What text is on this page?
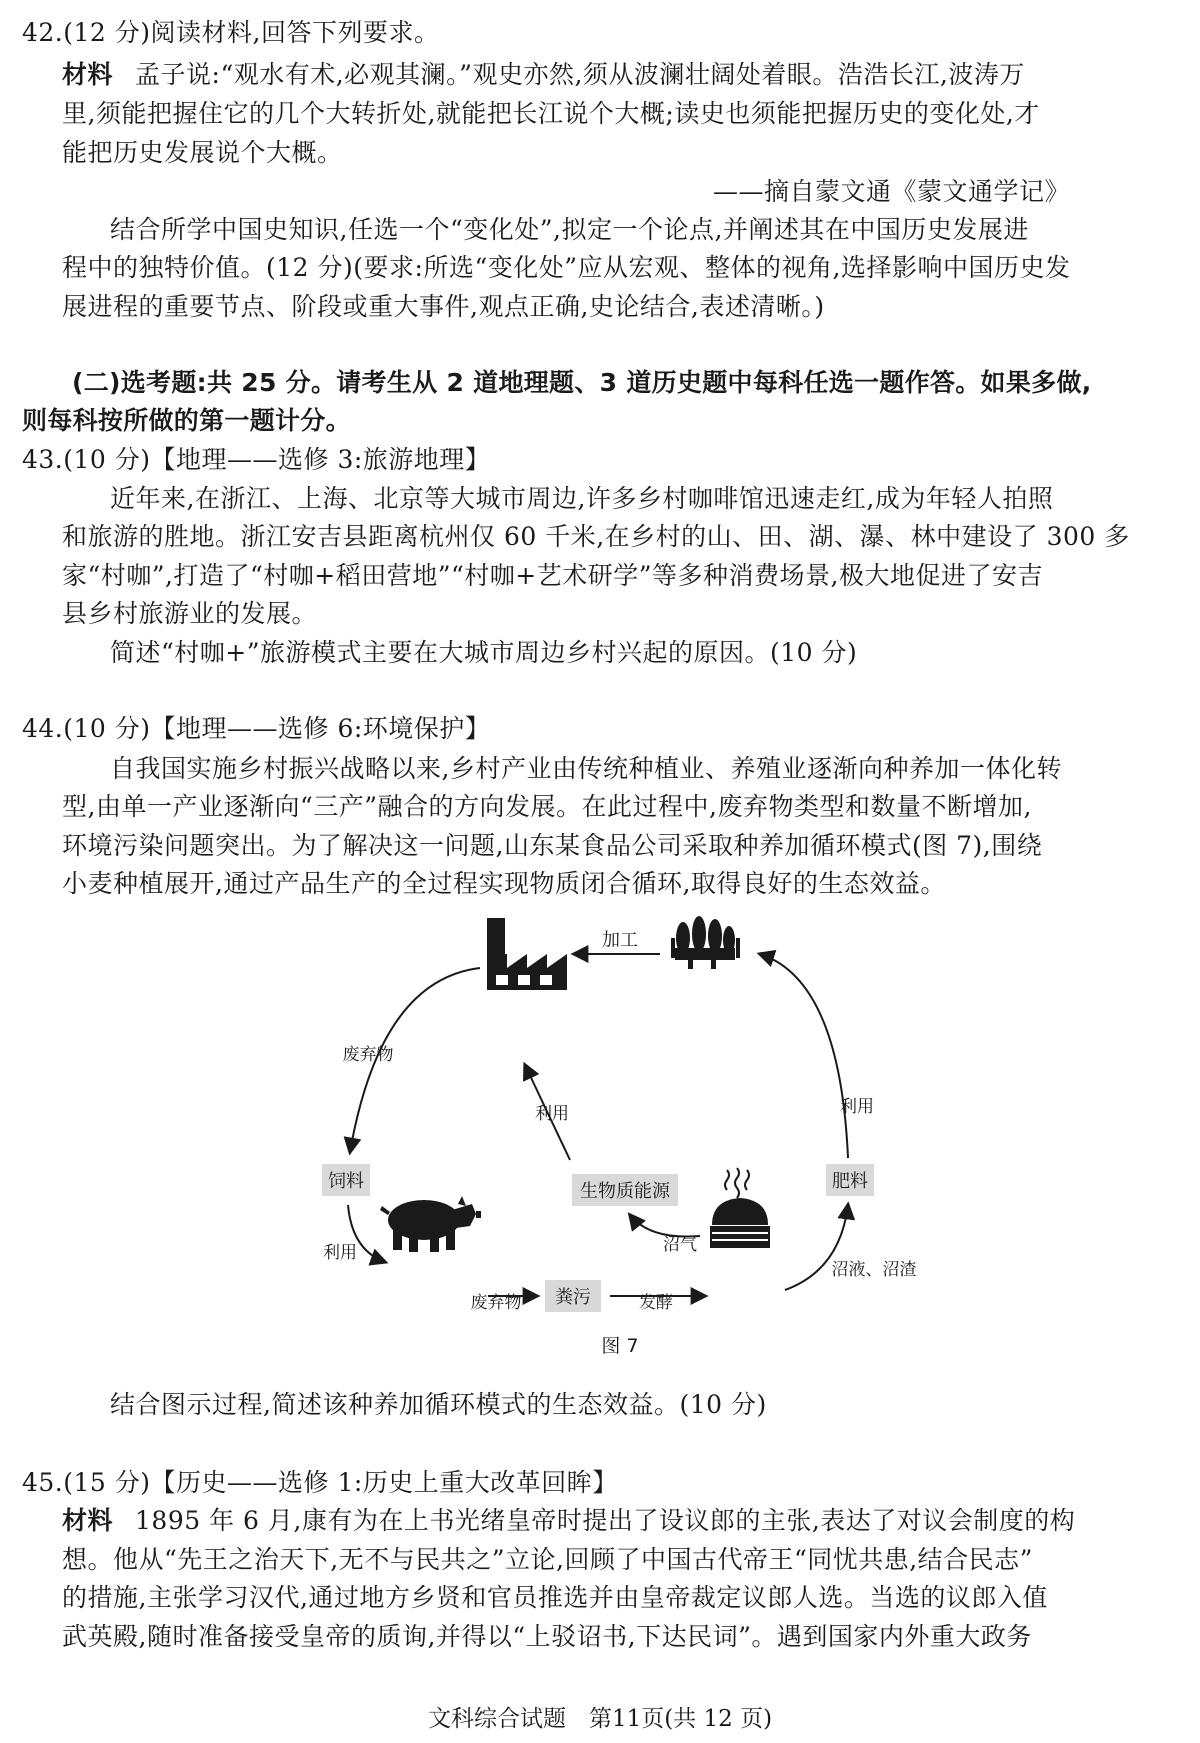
42.(12 分)阅读材料,回答下列要求。
材料 孟子说:“观水有术,必观其澜。”观史亦然,须从波澜壮阔处着眼。浩浩长江,波涛万
里,须能把握住它的几个大转折处,就能把长江说个大概;读史也须能把握历史的变化处,才
能把历史发展说个大概。
——摘自蒙文通《蒙文通学记》
结合所学中国史知识,任选一个“变化处”,拟定一个论点,并阐述其在中国历史发展进
程中的独特价值。(12 分)(要求:所选“变化处”应从宏观、整体的视角,选择影响中国历史发
展进程的重要节点、阶段或重大事件,观点正确,史论结合,表述清晰。)
(二)选考题:共 25 分。请考生从 2 道地理题、3 道历史题中每科任选一题作答。如果多做,
则每科按所做的第一题计分。
43.(10 分)【地理——选修 3:旅游地理】
近年来,在浙江、上海、北京等大城市周边,许多乡村咖啡馆迅速走红,成为年轻人拍照
和旅游的胜地。浙江安吉县距离杭州仅 60 千米,在乡村的山、田、湖、瀑、林中建设了 300 多
家“村咖”,打造了“村咖+稻田营地”“村咖+艺术研学”等多种消费场景,极大地促进了安吉
县乡村旅游业的发展。
简述“村咖+”旅游模式主要在大城市周边乡村兴起的原因。(10 分)
44.(10 分)【地理——选修 6:环境保护】
自我国实施乡村振兴战略以来,乡村产业由传统种植业、养殖业逐渐向种养加一体化转
型,由单一产业逐渐向“三产”融合的方向发展。在此过程中,废弃物类型和数量不断增加,
环境污染问题突出。为了解决这一问题,山东某食品公司采取种养加循环模式(图 7),围绕
小麦种植展开,通过产品生产的全过程实现物质闭合循环,取得良好的生态效益。
加工
废弃物
利用
利用
饲料	生物质能源	肥料
利用	沼气
沼液、沼渣
废弃物 粪污	发酵
图 7
结合图示过程,简述该种养加循环模式的生态效益。(10 分)
45.(15 分)【历史——选修 1:历史上重大改革回眸】
材料 1895 年 6 月,康有为在上书光绪皇帝时提出了设议郎的主张,表达了对议会制度的构
想。他从“先王之治天下,无不与民共之”立论,回顾了中国古代帝王“同忧共患,结合民志”
的措施,主张学习汉代,通过地方乡贤和官员推选并由皇帝裁定议郎人选。当选的议郎入值
武英殿,随时准备接受皇帝的质询,并得以“上驳诏书,下达民词”。遇到国家内外重大政务
文科综合试题　第11页(共 12 页)
